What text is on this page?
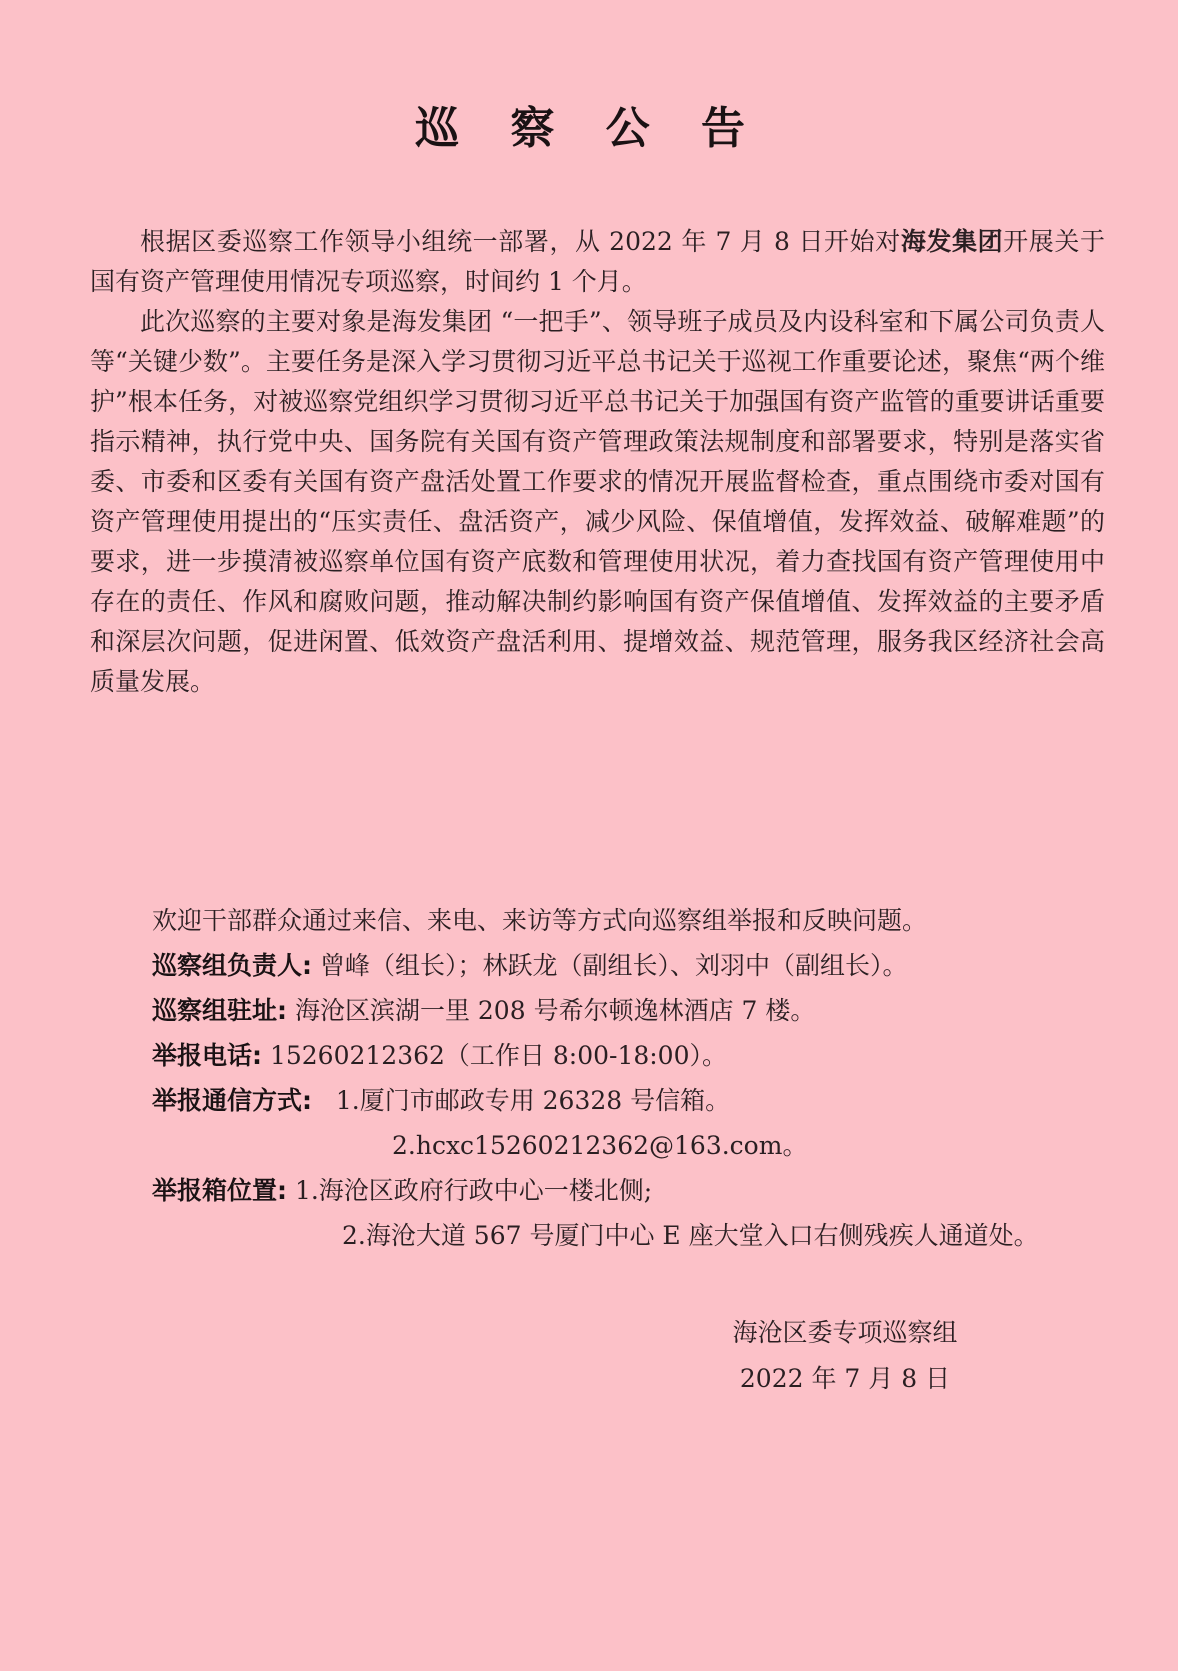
巡 察 公 告

根据区委巡察工作领导小组统一部署，从 2022 年 7 月 8 日开始对海发集团开展关于国有资产管理使用情况专项巡察，时间约 1 个月。

此次巡察的主要对象是海发集团 “一把手”、领导班子成员及内设科室和下属公司负责人等“关键少数”。主要任务是深入学习贯彻习近平总书记关于巡视工作重要论述，聚焦“两个维护”根本任务，对被巡察党组织学习贯彻习近平总书记关于加强国有资产监管的重要讲话重要指示精神，执行党中央、国务院有关国有资产管理政策法规制度和部署要求，特别是落实省委、市委和区委有关国有资产盘活处置工作要求的情况开展监督检查，重点围绕市委对国有资产管理使用提出的“压实责任、盘活资产，减少风险、保值增值，发挥效益、破解难题”的要求，进一步摸清被巡察单位国有资产底数和管理使用状况，着力查找国有资产管理使用中存在的责任、作风和腐败问题，推动解决制约影响国有资产保值增值、发挥效益的主要矛盾和深层次问题，促进闲置、低效资产盘活利用、提增效益、规范管理，服务我区经济社会高质量发展。

欢迎干部群众通过来信、来电、来访等方式向巡察组举报和反映问题。
巡察组负责人: 曾峰（组长）；林跃龙（副组长）、刘羽中（副组长）。
巡察组驻址: 海沧区滨湖一里 208 号希尔顿逸林酒店 7 楼。
举报电话: 15260212362（工作日 8:00-18:00）。
举报通信方式: 1.厦门市邮政专用 26328 号信箱。
2.hcxc15260212362@163.com。
举报箱位置: 1.海沧区政府行政中心一楼北侧;
2.海沧大道 567 号厦门中心 E 座大堂入口右侧残疾人通道处。
海沧区委专项巡察组
2022 年 7 月 8 日
